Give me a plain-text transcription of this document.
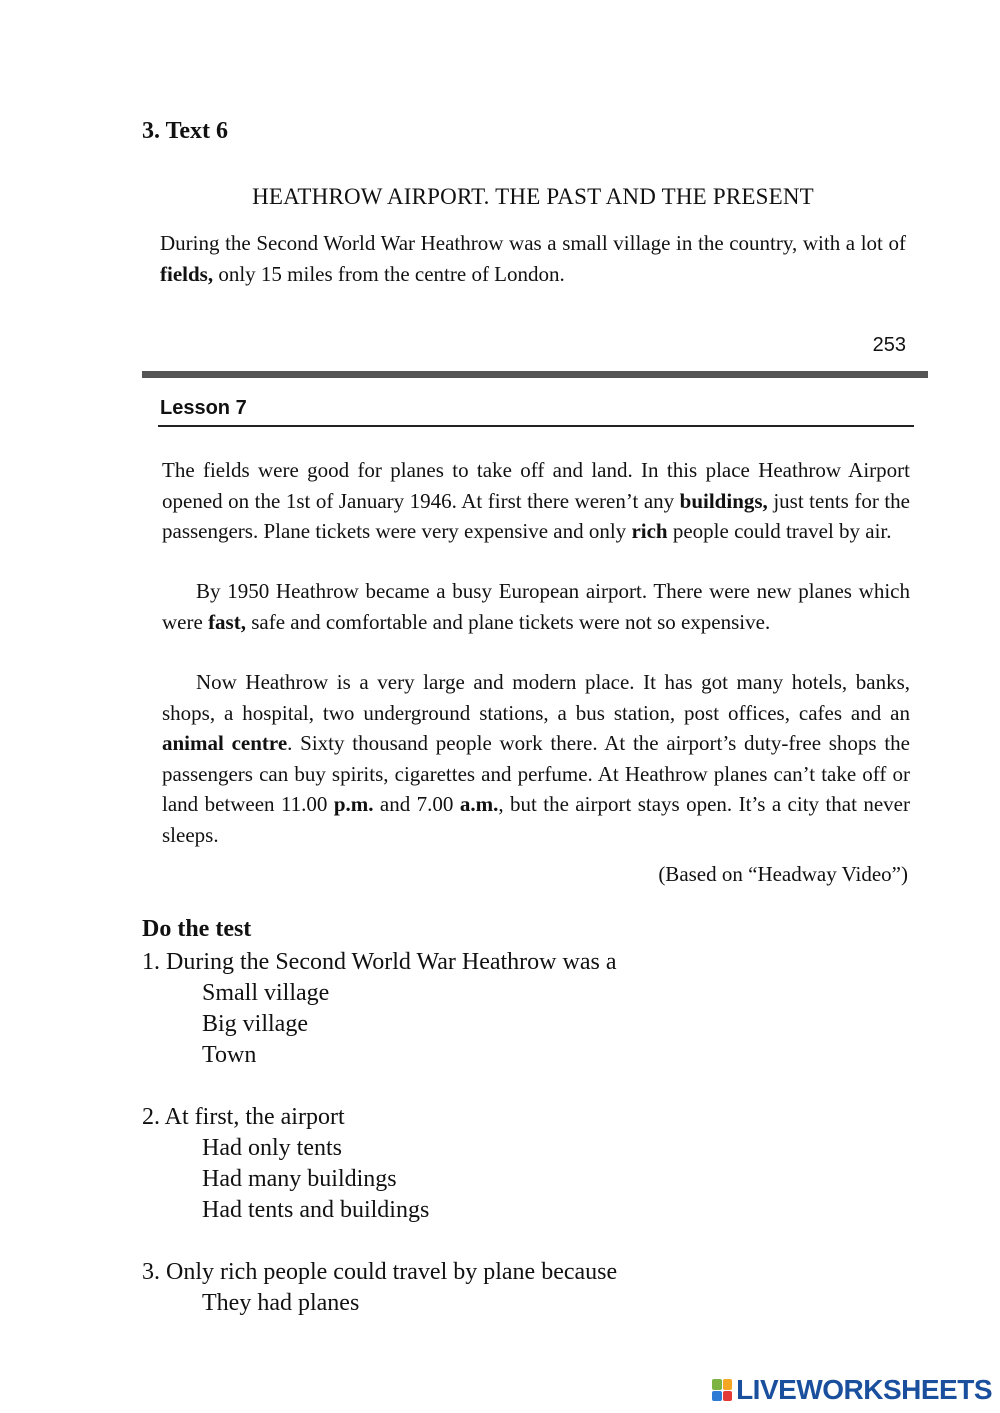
3. Text 6
HEATHROW AIRPORT. THE PAST AND THE PRESENT
During the Second World War Heathrow was a small village in the country, with a lot of fields, only 15 miles from the centre of London.
253
Lesson 7
The fields were good for planes to take off and land. In this place Heathrow Airport opened on the 1st of January 1946. At first there weren’t any buildings, just tents for the passengers. Plane tickets were very expensive and only rich people could travel by air.
By 1950 Heathrow became a busy European airport. There were new planes which were fast, safe and comfortable and plane tickets were not so expensive.
Now Heathrow is a very large and modern place. It has got many hotels, banks, shops, a hospital, two underground stations, a bus station, post offices, cafes and an animal centre. Sixty thousand people work there. At the airport’s duty-free shops the passengers can buy spirits, cigarettes and perfume. At Heathrow planes can’t take off or land between 11.00 p.m. and 7.00 a.m., but the airport stays open. It’s a city that never sleeps.
(Based on “Headway Video”)
Do the test
1. During the Second World War Heathrow was a
Small village
Big village
Town
2. At first, the airport
Had only tents
Had many buildings
Had tents and buildings
3. Only rich people could travel by plane because
They had planes
LIVEWORKSHEETS
